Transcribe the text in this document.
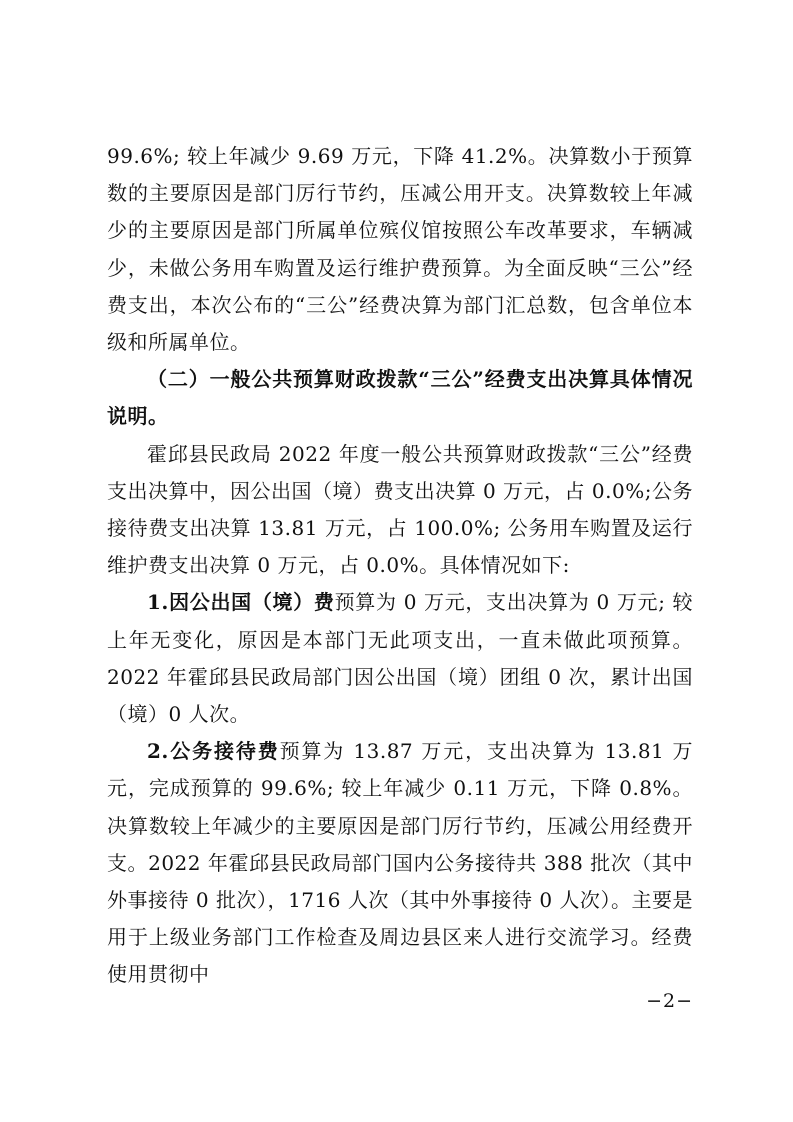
99.6%; 较上年减少 9.69 万元，下降 41.2%。决算数小于预算数的主要原因是部门厉行节约，压减公用开支。决算数较上年减少的主要原因是部门所属单位殡仪馆按照公车改革要求，车辆减少，未做公务用车购置及运行维护费预算。为全面反映“三公”经费支出，本次公布的“三公”经费决算为部门汇总数，包含单位本级和所属单位。

（二）一般公共预算财政拨款“三公”经费支出决算具体情况说明。

霍邱县民政局 2022 年度一般公共预算财政拨款“三公”经费支出决算中，因公出国（境）费支出决算 0 万元，占 0.0%;公务接待费支出决算 13.81 万元，占 100.0%; 公务用车购置及运行维护费支出决算 0 万元，占 0.0%。具体情况如下:

1.因公出国（境）费预算为 0 万元，支出决算为 0 万元; 较上年无变化，原因是本部门无此项支出，一直未做此项预算。2022 年霍邱县民政局部门因公出国（境）团组 0 次，累计出国（境）0 人次。

2.公务接待费预算为 13.87 万元，支出决算为 13.81 万元，完成预算的 99.6%; 较上年减少 0.11 万元，下降 0.8%。决算数较上年减少的主要原因是部门厉行节约，压减公用经费开支。2022 年霍邱县民政局部门国内公务接待共 388 批次（其中外事接待 0 批次），1716 人次（其中外事接待 0 人次）。主要是用于上级业务部门工作检查及周边县区来人进行交流学习。经费使用贯彻中

−2−
